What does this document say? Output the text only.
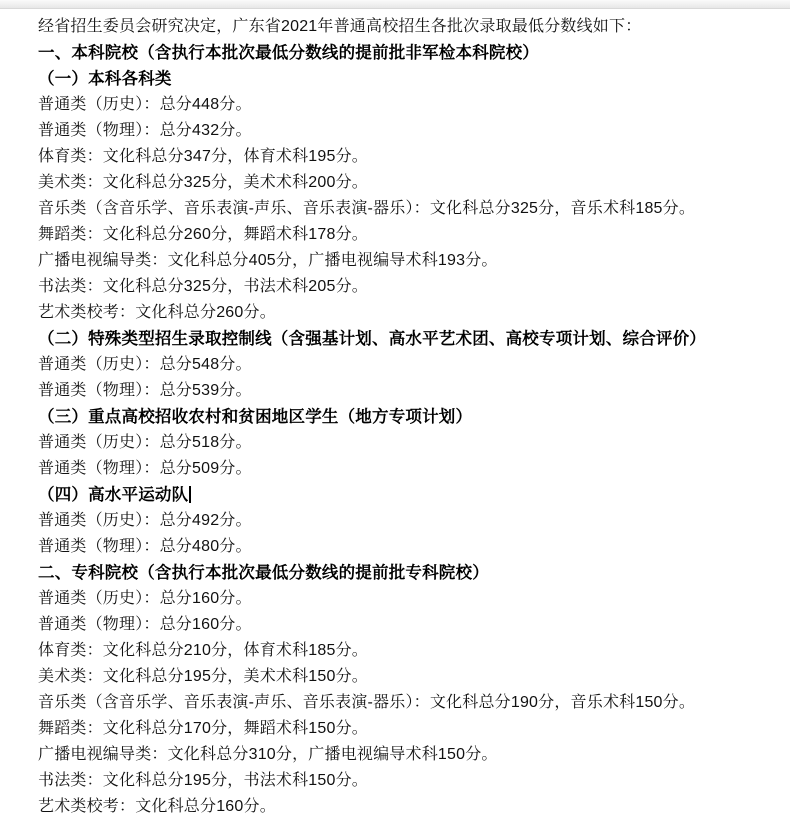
经省招生委员会研究决定，广东省2021年普通高校招生各批次录取最低分数线如下：
一、本科院校（含执行本批次最低分数线的提前批非军检本科院校）
（一）本科各科类
普通类（历史）：总分448分。
普通类（物理）：总分432分。
体育类：文化科总分347分，体育术科195分。
美术类：文化科总分325分，美术术科200分。
音乐类（含音乐学、音乐表演-声乐、音乐表演-器乐）：文化科总分325分，音乐术科185分。
舞蹈类：文化科总分260分，舞蹈术科178分。
广播电视编导类：文化科总分405分，广播电视编导术科193分。
书法类：文化科总分325分，书法术科205分。
艺术类校考：文化科总分260分。
（二）特殊类型招生录取控制线（含强基计划、高水平艺术团、高校专项计划、综合评价）
普通类（历史）：总分548分。
普通类（物理）：总分539分。
（三）重点高校招收农村和贫困地区学生（地方专项计划）
普通类（历史）：总分518分。
普通类（物理）：总分509分。
（四）高水平运动队
普通类（历史）：总分492分。
普通类（物理）：总分480分。
二、专科院校（含执行本批次最低分数线的提前批专科院校）
普通类（历史）：总分160分。
普通类（物理）：总分160分。
体育类：文化科总分210分，体育术科185分。
美术类：文化科总分195分，美术术科150分。
音乐类（含音乐学、音乐表演-声乐、音乐表演-器乐）：文化科总分190分，音乐术科150分。
舞蹈类：文化科总分170分，舞蹈术科150分。
广播电视编导类：文化科总分310分，广播电视编导术科150分。
书法类：文化科总分195分，书法术科150分。
艺术类校考：文化科总分160分。
